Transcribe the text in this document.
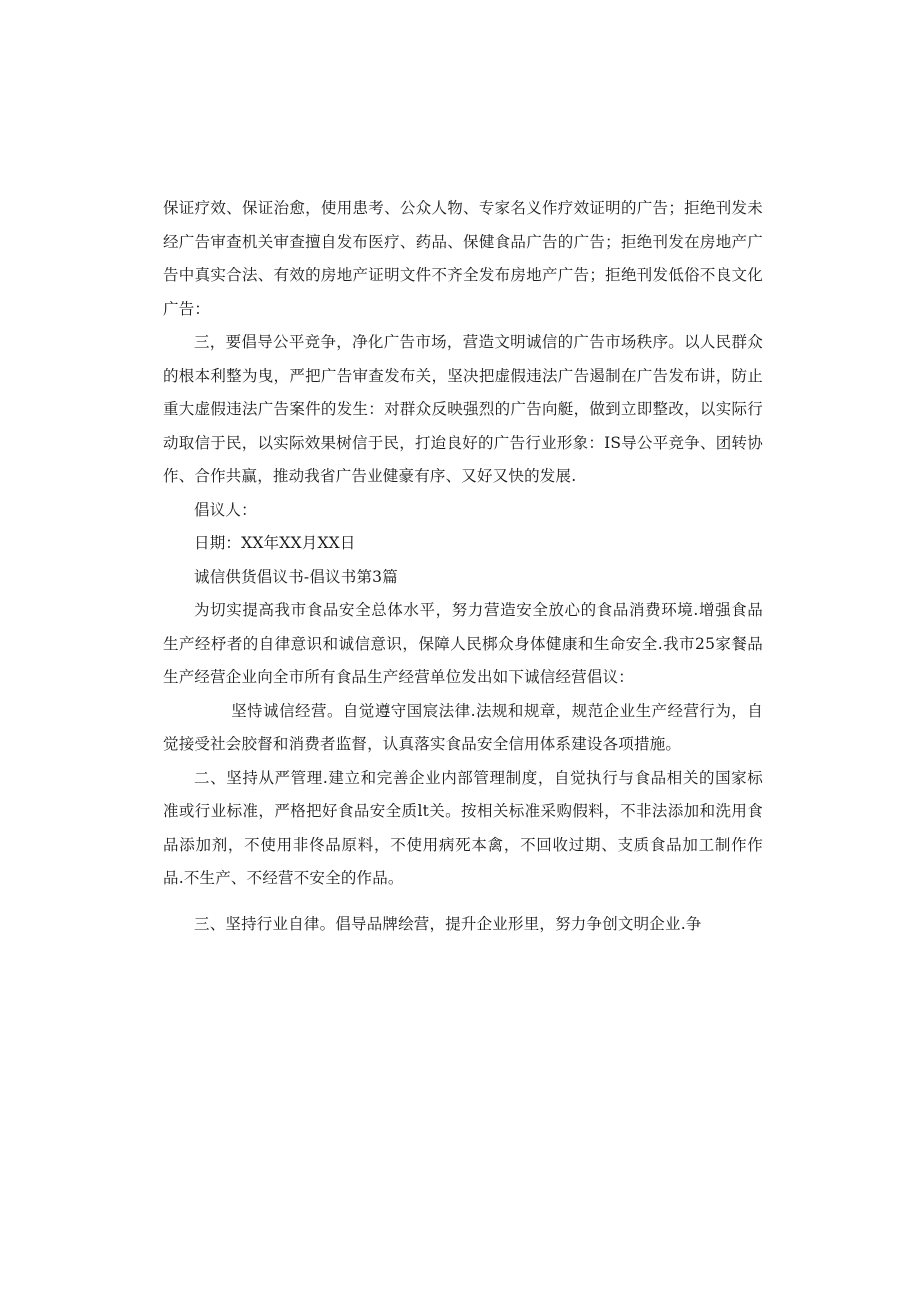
保证疗效、保证治愈，使用患考、公众人物、专家名义作疗效证明的广告；拒绝刊发未经广告审查机关审查擅自发布医疗、药品、保健食品广告的广告；拒绝刊发在房地产广告中真实合法、有效的房地产证明文件不齐全发布房地产广告；拒绝刊发低俗不良文化广告：

三，要倡导公平竞争，净化广告市场，营造文明诚信的广告市场秩序。以人民群众的根本利整为曳，严把广告审查发布关，坚决把虚假违法广告遏制在广告发布讲，防止重大虚假违法广告案件的发生：对群众反映强烈的广告向艇，做到立即整改，以实际行动取信于民，以实际效果树信于民，打迨良好的广告行业形象：IS导公平竞争、团转协作、合作共赢，推动我省广告业健豪有序、又好又快的发展.

倡议人：

日期：XX年XX月XX日

诚信供货倡议书-倡议书第3篇

为切实提高我市食品安全总体水平，努力营造安全放心的食品消费环境.增强食品生产经杼者的自律意识和诚信意识，保障人民梆众身体健康和生命安全.我市25家餐品生产经营企业向全市所有食品生产经营单位发出如下诚信经营倡议：

坚恃诚信经营。自觉遵守国宸法律.法规和规章，规范企业生产经营行为，自觉接受社会胶督和消费者监督，认真落实食品安全信用体系建设各项措施。

二、坚持从严管理.建立和完善企业内部管理制度，自觉执行与食品相关的国家标准或行业标准，严格把好食品安全质lt关。按相关标准采购假料，不非法添加和洗用食品添加剂，不使用非佟品原料，不使用病死本禽，不回收过期、支质食品加工制作作品.不生产、不经营不安全的作品。

三、坚持行业自律。倡导品牌绘营，提升企业形里，努力争创文明企业.争
